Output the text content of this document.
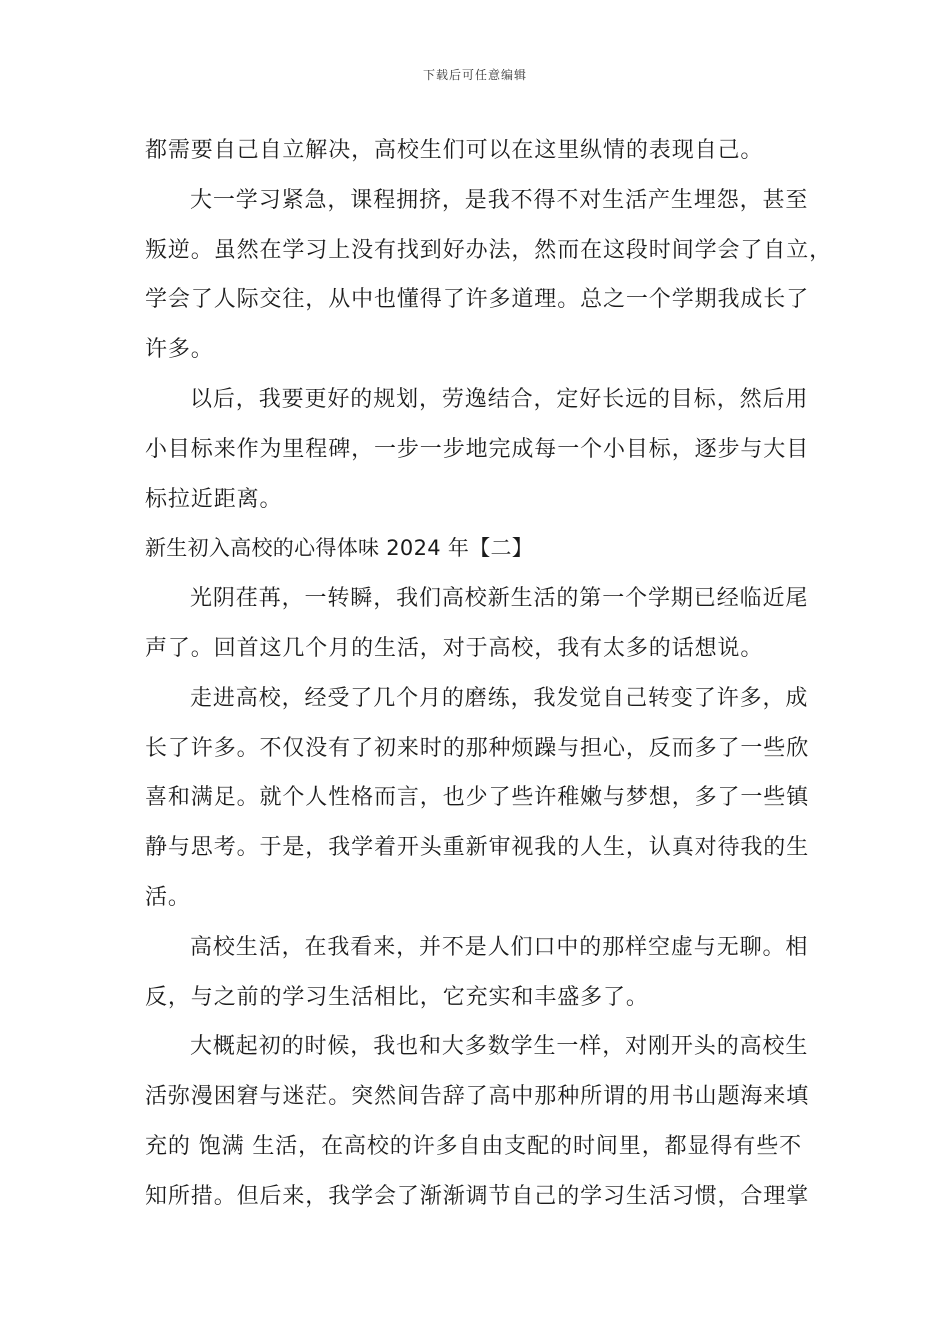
下载后可任意编辑
都需要自己自立解决，高校生们可以在这里纵情的表现自己。
大一学习紧急，课程拥挤，是我不得不对生活产生埋怨，甚至
叛逆。虽然在学习上没有找到好办法，然而在这段时间学会了自立，
学会了人际交往，从中也懂得了许多道理。总之一个学期我成长了
许多。
以后，我要更好的规划，劳逸结合，定好长远的目标，然后用
小目标来作为里程碑，一步一步地完成每一个小目标，逐步与大目
标拉近距离。
新生初入高校的心得体味 2024 年【二】
光阴荏苒，一转瞬，我们高校新生活的第一个学期已经临近尾
声了。回首这几个月的生活，对于高校，我有太多的话想说。
走进高校，经受了几个月的磨练，我发觉自己转变了许多，成
长了许多。不仅没有了初来时的那种烦躁与担心，反而多了一些欣
喜和满足。就个人性格而言，也少了些许稚嫩与梦想，多了一些镇
静与思考。于是，我学着开头重新审视我的人生，认真对待我的生
活。
高校生活，在我看来，并不是人们口中的那样空虚与无聊。相
反，与之前的学习生活相比，它充实和丰盛多了。
大概起初的时候，我也和大多数学生一样，对刚开头的高校生
活弥漫困窘与迷茫。突然间告辞了高中那种所谓的用书山题海来填
充的 饱满 生活，在高校的许多自由支配的时间里，都显得有些不
知所措。但后来，我学会了渐渐调节自己的学习生活习惯，合理掌
